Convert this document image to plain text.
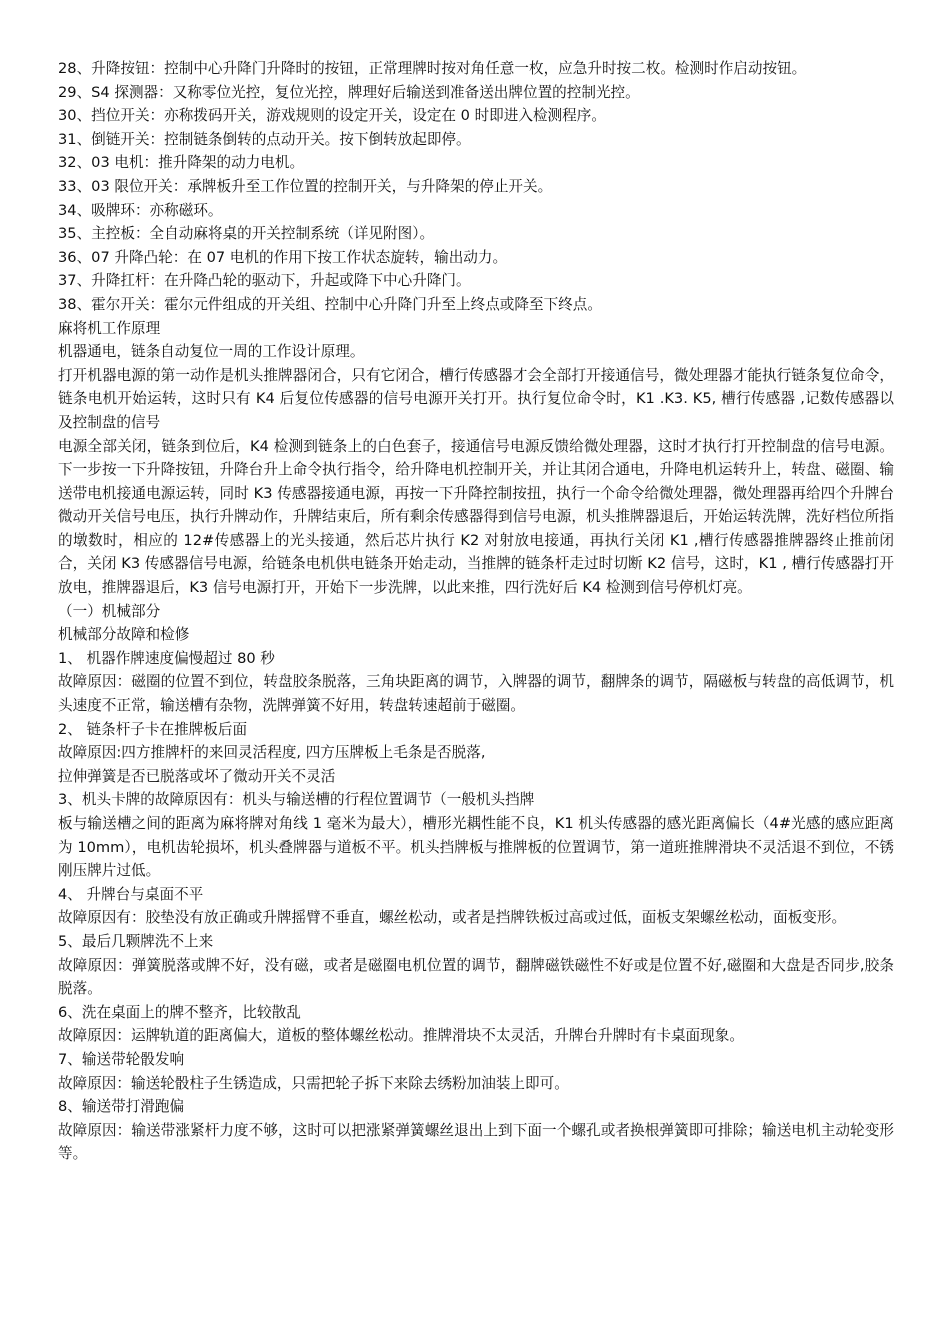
28、升降按钮：控制中心升降门升降时的按钮，正常理牌时按对角任意一枚，应急升时按二枚。检测时作启动按钮。

29、S4 探测器：又称零位光控，复位光控，牌理好后输送到准备送出牌位置的控制光控。

30、挡位开关：亦称拨码开关，游戏规则的设定开关，设定在 0 时即进入检测程序。

31、倒链开关：控制链条倒转的点动开关。按下倒转放起即停。

32、03 电机：推升降架的动力电机。

33、03 限位开关：承牌板升至工作位置的控制开关，与升降架的停止开关。

34、吸牌环：亦称磁环。

35、主控板：全自动麻将桌的开关控制系统（详见附图）。

36、07 升降凸轮：在 07 电机的作用下按工作状态旋转，输出动力。

37、升降扛杆：在升降凸轮的驱动下，升起或降下中心升降门。

38、霍尔开关：霍尔元件组成的开关组、控制中心升降门升至上终点或降至下终点。

麻将机工作原理

机器通电，链条自动复位一周的工作设计原理。

打开机器电源的第一动作是机头推牌器闭合，只有它闭合，槽行传感器才会全部打开接通信号，微处理器才能执行链条复位命令，链条电机开始运转，这时只有 K4 后复位传感器的信号电源开关打开。执行复位命令时，K1 .K3. K5, 槽行传感器 ,记数传感器以及控制盘的信号

电源全部关闭，链条到位后，K4 检测到链条上的白色套子，接通信号电源反馈给微处理器，这时才执行打开控制盘的信号电源。下一步按一下升降按钮，升降台升上命令执行指令，给升降电机控制开关，并让其闭合通电，升降电机运转升上，转盘、磁圈、输送带电机接通电源运转，同时 K3 传感器接通电源，再按一下升降控制按扭，执行一个命令给微处理器，微处理器再给四个升牌台微动开关信号电压，执行升牌动作，升牌结束后，所有剩余传感器得到信号电源，机头推牌器退后，开始运转洗牌，洗好档位所指的墩数时，相应的 12#传感器上的光头接通，然后芯片执行 K2 对射放电接通，再执行关闭 K1 ,槽行传感器推牌器终止推前闭合，关闭 K3 传感器信号电源，给链条电机供电链条开始走动，当推牌的链条杆走过时切断 K2 信号，这时，K1 , 槽行传感器打开放电，推牌器退后，K3 信号电源打开，开始下一步洗牌，以此来推，四行洗好后 K4 检测到信号停机灯亮。

（一）机械部分

机械部分故障和检修

1、 机器作牌速度偏慢超过 80 秒

故障原因：磁圈的位置不到位，转盘胶条脱落，三角块距离的调节，入牌器的调节，翻牌条的调节，隔磁板与转盘的高低调节，机头速度不正常，输送槽有杂物，洗牌弹簧不好用，转盘转速超前于磁圈。

2、 链条杆子卡在推牌板后面

故障原因:四方推牌杆的来回灵活程度, 四方压牌板上毛条是否脱落,

拉伸弹簧是否已脱落或坏了微动开关不灵活

3、机头卡牌的故障原因有：机头与输送槽的行程位置调节（一般机头挡牌

板与输送槽之间的距离为麻将牌对角线 1 毫米为最大），槽形光耦性能不良，K1 机头传感器的感光距离偏长（4#光感的感应距离为 10mm），电机齿轮损坏，机头叠牌器与道板不平。机头挡牌板与推牌板的位置调节，第一道班推牌滑块不灵活退不到位，不锈刚压牌片过低。

4、 升牌台与桌面不平

故障原因有：胶垫没有放正确或升牌摇臂不垂直，螺丝松动，或者是挡牌铁板过高或过低，面板支架螺丝松动，面板变形。

5、最后几颗牌洗不上来

故障原因：弹簧脱落或牌不好，没有磁，或者是磁圈电机位置的调节，翻牌磁铁磁性不好或是位置不好,磁圈和大盘是否同步,胶条脱落。

6、洗在桌面上的牌不整齐，比较散乱

故障原因：运牌轨道的距离偏大，道板的整体螺丝松动。推牌滑块不太灵活，升牌台升牌时有卡桌面现象。

7、输送带轮骰发响

故障原因：输送轮骰柱子生锈造成，只需把轮子拆下来除去绣粉加油装上即可。

8、输送带打滑跑偏

故障原因：输送带涨紧杆力度不够，这时可以把涨紧弹簧螺丝退出上到下面一个螺孔或者换根弹簧即可排除；输送电机主动轮变形等。
